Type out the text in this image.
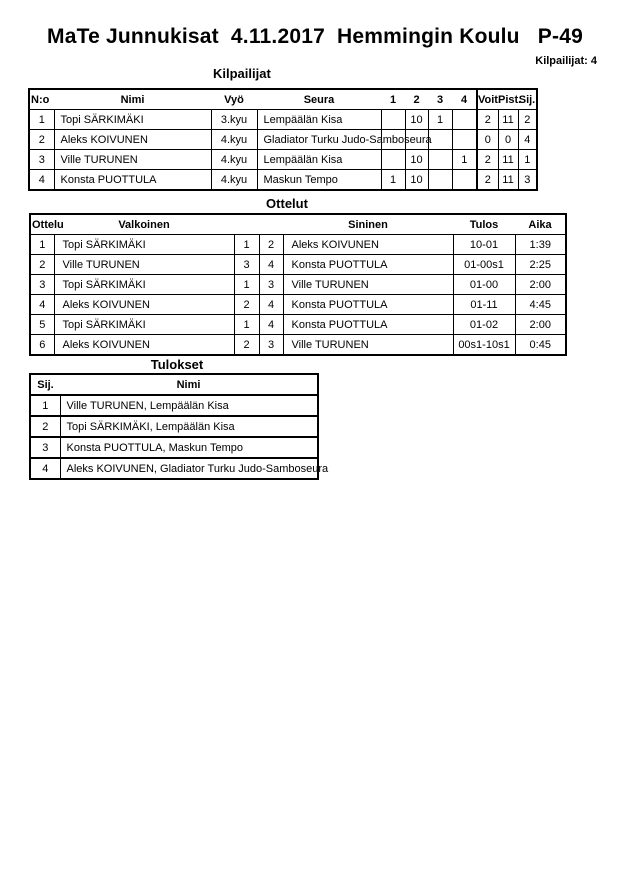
MaTe Junnukisat  4.11.2017  Hemmingin Koulu   P-49
Kilpailijat: 4
Kilpailijat
N:o	Nimi	Vyö	Seura	1	2	3	4	Voit.	Pist.	Sij.
1	Topi SÄRKIMÄKI	3.kyu	Lempäälän Kisa		10	1		2	11	2
2	Aleks KOIVUNEN	4.kyu	Gladiator Turku Judo-Samboseura					0	0	4
3	Ville TURUNEN	4.kyu	Lempäälän Kisa		10		1	2	11	1
4	Konsta PUOTTULA	4.kyu	Maskun Tempo	1	10			2	11	3
Ottelut
Ottelu	Valkoinen			Sininen	Tulos	Aika
1	Topi SÄRKIMÄKI	1	2	Aleks KOIVUNEN	10-01	1:39
2	Ville TURUNEN	3	4	Konsta PUOTTULA	01-00s1	2:25
3	Topi SÄRKIMÄKI	1	3	Ville TURUNEN	01-00	2:00
4	Aleks KOIVUNEN	2	4	Konsta PUOTTULA	01-11	4:45
5	Topi SÄRKIMÄKI	1	4	Konsta PUOTTULA	01-02	2:00
6	Aleks KOIVUNEN	2	3	Ville TURUNEN	00s1-10s1	0:45
Tulokset
Sij.	Nimi
1	Ville TURUNEN, Lempäälän Kisa
2	Topi SÄRKIMÄKI, Lempäälän Kisa
3	Konsta PUOTTULA, Maskun Tempo
4	Aleks KOIVUNEN, Gladiator Turku Judo-Samboseura
